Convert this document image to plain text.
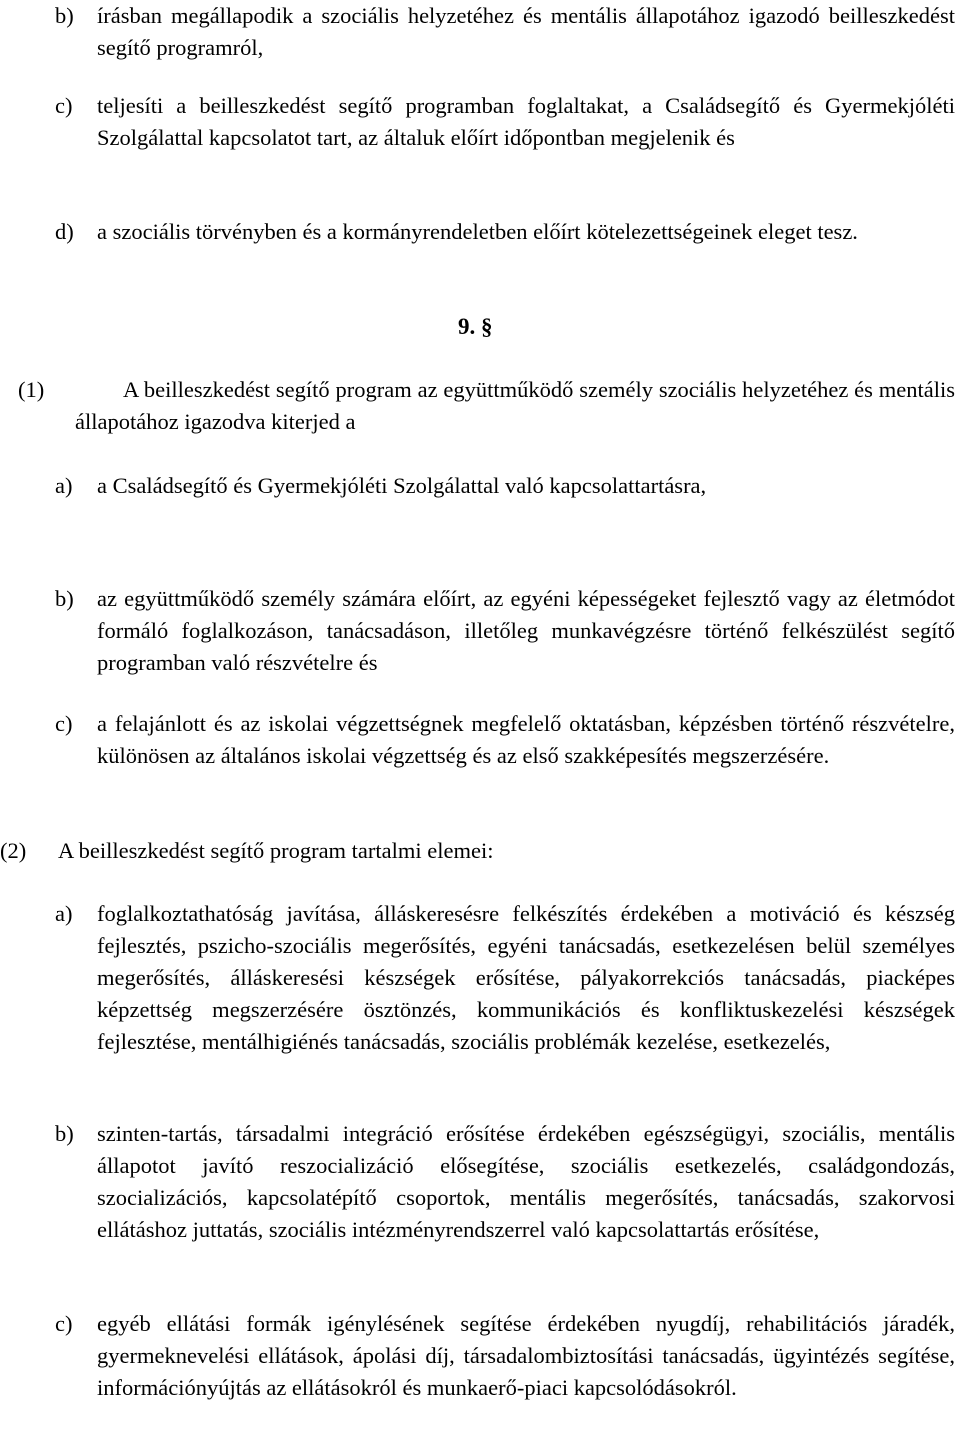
b) írásban megállapodik a szociális helyzetéhez és mentális állapotához igazodó beilleszkedést segítő programról,
c) teljesíti a beilleszkedést segítő programban foglaltakat, a Családsegítő és Gyermekjóléti Szolgálattal kapcsolatot tart, az általuk előírt időpontban megjelenik és
d) a szociális törvényben és a kormányrendeletben előírt kötelezettségeinek eleget tesz.
9. §
(1)	A beilleszkedést segítő program az együttműködő személy szociális helyzetéhez és mentális állapotához igazodva kiterjed a
a) a Családsegítő és Gyermekjóléti Szolgálattal való kapcsolattartásra,
b) az együttműködő személy számára előírt, az egyéni képességeket fejlesztő vagy az életmódot formáló foglalkozáson, tanácsadáson, illetőleg munkavégzésre történő felkészülést segítő programban való részvételre és
c) a felajánlott és az iskolai végzettségnek megfelelő oktatásban, képzésben történő részvételre, különösen az általános iskolai végzettség és az első szakképesítés megszerzésére.
(2) A beilleszkedést segítő program tartalmi elemei:
a) foglalkoztathatóság javítása, álláskeresésre felkészítés érdekében a motiváció és készség fejlesztés, pszicho-szociális megerősítés, egyéni tanácsadás, esetkezelésen belül személyes megerősítés, álláskeresési készségek erősítése, pályakorrekciós tanácsadás, piacképes képzettség megszerzésére ösztönzés, kommunikációs és konfliktuskezelési készségek fejlesztése, mentálhigiénés tanácsadás, szociális problémák kezelése, esetkezelés,
b) szinten-tartás, társadalmi integráció erősítése érdekében egészségügyi, szociális, mentális állapotot javító reszocializáció elősegítése, szociális esetkezelés, családgondozás, szocializációs, kapcsolatépítő csoportok, mentális megerősítés, tanácsadás, szakorvosi ellátáshoz juttatás, szociális intézményrendszerrel való kapcsolattartás erősítése,
c) egyéb ellátási formák igénylésének segítése érdekében nyugdíj, rehabilitációs járadék, gyermeknevelési ellátások, ápolási díj, társadalombiztosítási tanácsadás, ügyintézés segítése, információnyújtás az ellátásokról és munkaerő-piaci kapcsolódásokról.
